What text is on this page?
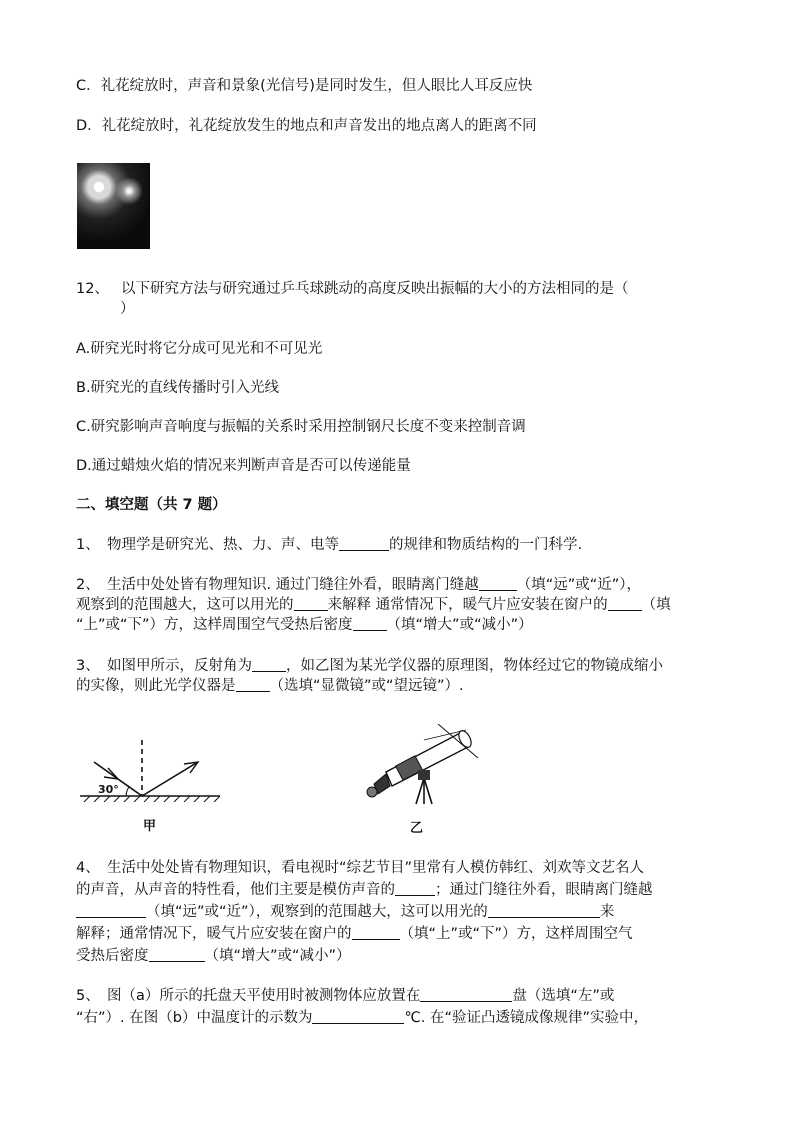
C．礼花绽放时，声音和景象(光信号)是同时发生，但人眼比人耳反应快
D．礼花绽放时，礼花绽放发生的地点和声音发出的地点离人的距离不同
12、 以下研究方法与研究通过乒乓球跳动的高度反映出振幅的大小的方法相同的是（
）
A.研究光时将它分成可见光和不可见光
B.研究光的直线传播时引入光线
C.研究影响声音响度与振幅的关系时采用控制钢尺长度不变来控制音调
D.通过蜡烛火焰的情况来判断声音是否可以传递能量
二、填空题（共 7 题）
1、　物理学是研究光、热、力、声、电等	的规律和物质结构的一门科学.
2、　生活中处处皆有物理知识. 通过门缝往外看，眼睛离门缝越	（填“远”或“近”），
观察到的范围越大，这可以用光的 来解释 通常情况下，暖气片应安装在窗户的 （填
“上”或“下”）方，这样周围空气受热后密度 （填“增大”或“减小”）
3、　如图甲所示，反射角为 ，如乙图为某光学仪器的原理图，物体经过它的物镜成缩小
的实像，则此光学仪器是 （选填“显微镜”或“望远镜”）.
30°
甲	乙
4、　生活中处处皆有物理知识，看电视时“综艺节目”里常有人模仿韩红、刘欢等文艺名人
的声音，从声音的特性看，他们主要是模仿声音的	；通过门缝往外看，眼睛离门缝越
（填“远”或“近”），观察到的范围越大，这可以用光的	来
解释；通常情况下，暖气片应安装在窗户的	（填“上”或“下”）方，这样周围空气
受热后密度	（填“增大”或“减小”）
5、　图（a）所示的托盘天平使用时被测物体应放置在	盘（选填“左”或
“右”）. 在图（b）中温度计的示数为	℃. 在“验证凸透镜成像规律”实验中，
